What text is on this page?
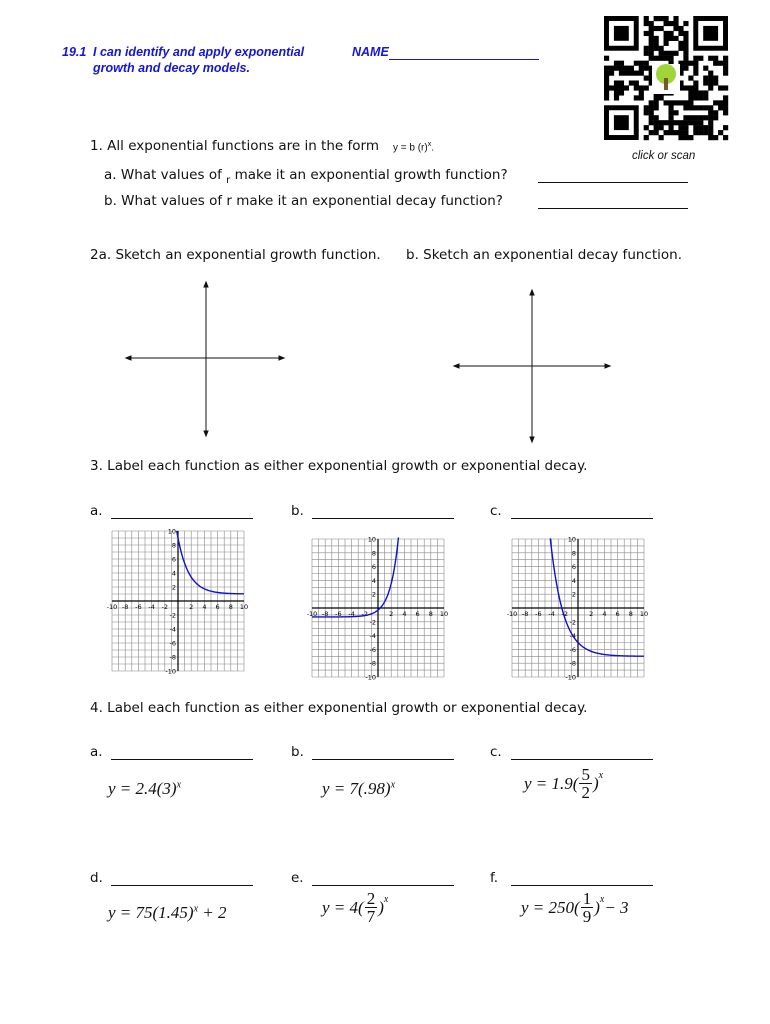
19.1 I can identify and apply exponential
growth and decay models.
NAME
click or scan
1. All exponential functions are in the form y = b $(r)^x$.
a. What values of $_r$ make it an exponential growth function?
b. What values of r make it an exponential decay function?
2a. Sketch an exponential growth function. b. Sketch an exponential decay function.
3. Label each function as either exponential growth or exponential decay.
a.	b.	c.
-10 -8 -6 -4 -2	2 4 6 8 10
10
8
6
4
2
-2
-4
-6
-8
-10
-10 -8 -6 -4 -2	2 4 6 8 10
10
8
6
4
2
-2
-4
-6
-8
-10
-10 -8 -6 -4 -2	2 4 6 8 10
10
8
6
4
2
-2
-4
-6
-8
-10
4. Label each function as either exponential growth or exponential decay.
a.	b.	c.
$y = 2.4(3)^x$	$y = 7(.98)^x$	$y = 1.9( \frac{5}{2} )^x$
d.	e.	f.
$y = 75(1.45)^x + 2$	$y = 4( \frac{2}{7} )^x$	$y = 250( \frac{1}{9} )^x - 3$
